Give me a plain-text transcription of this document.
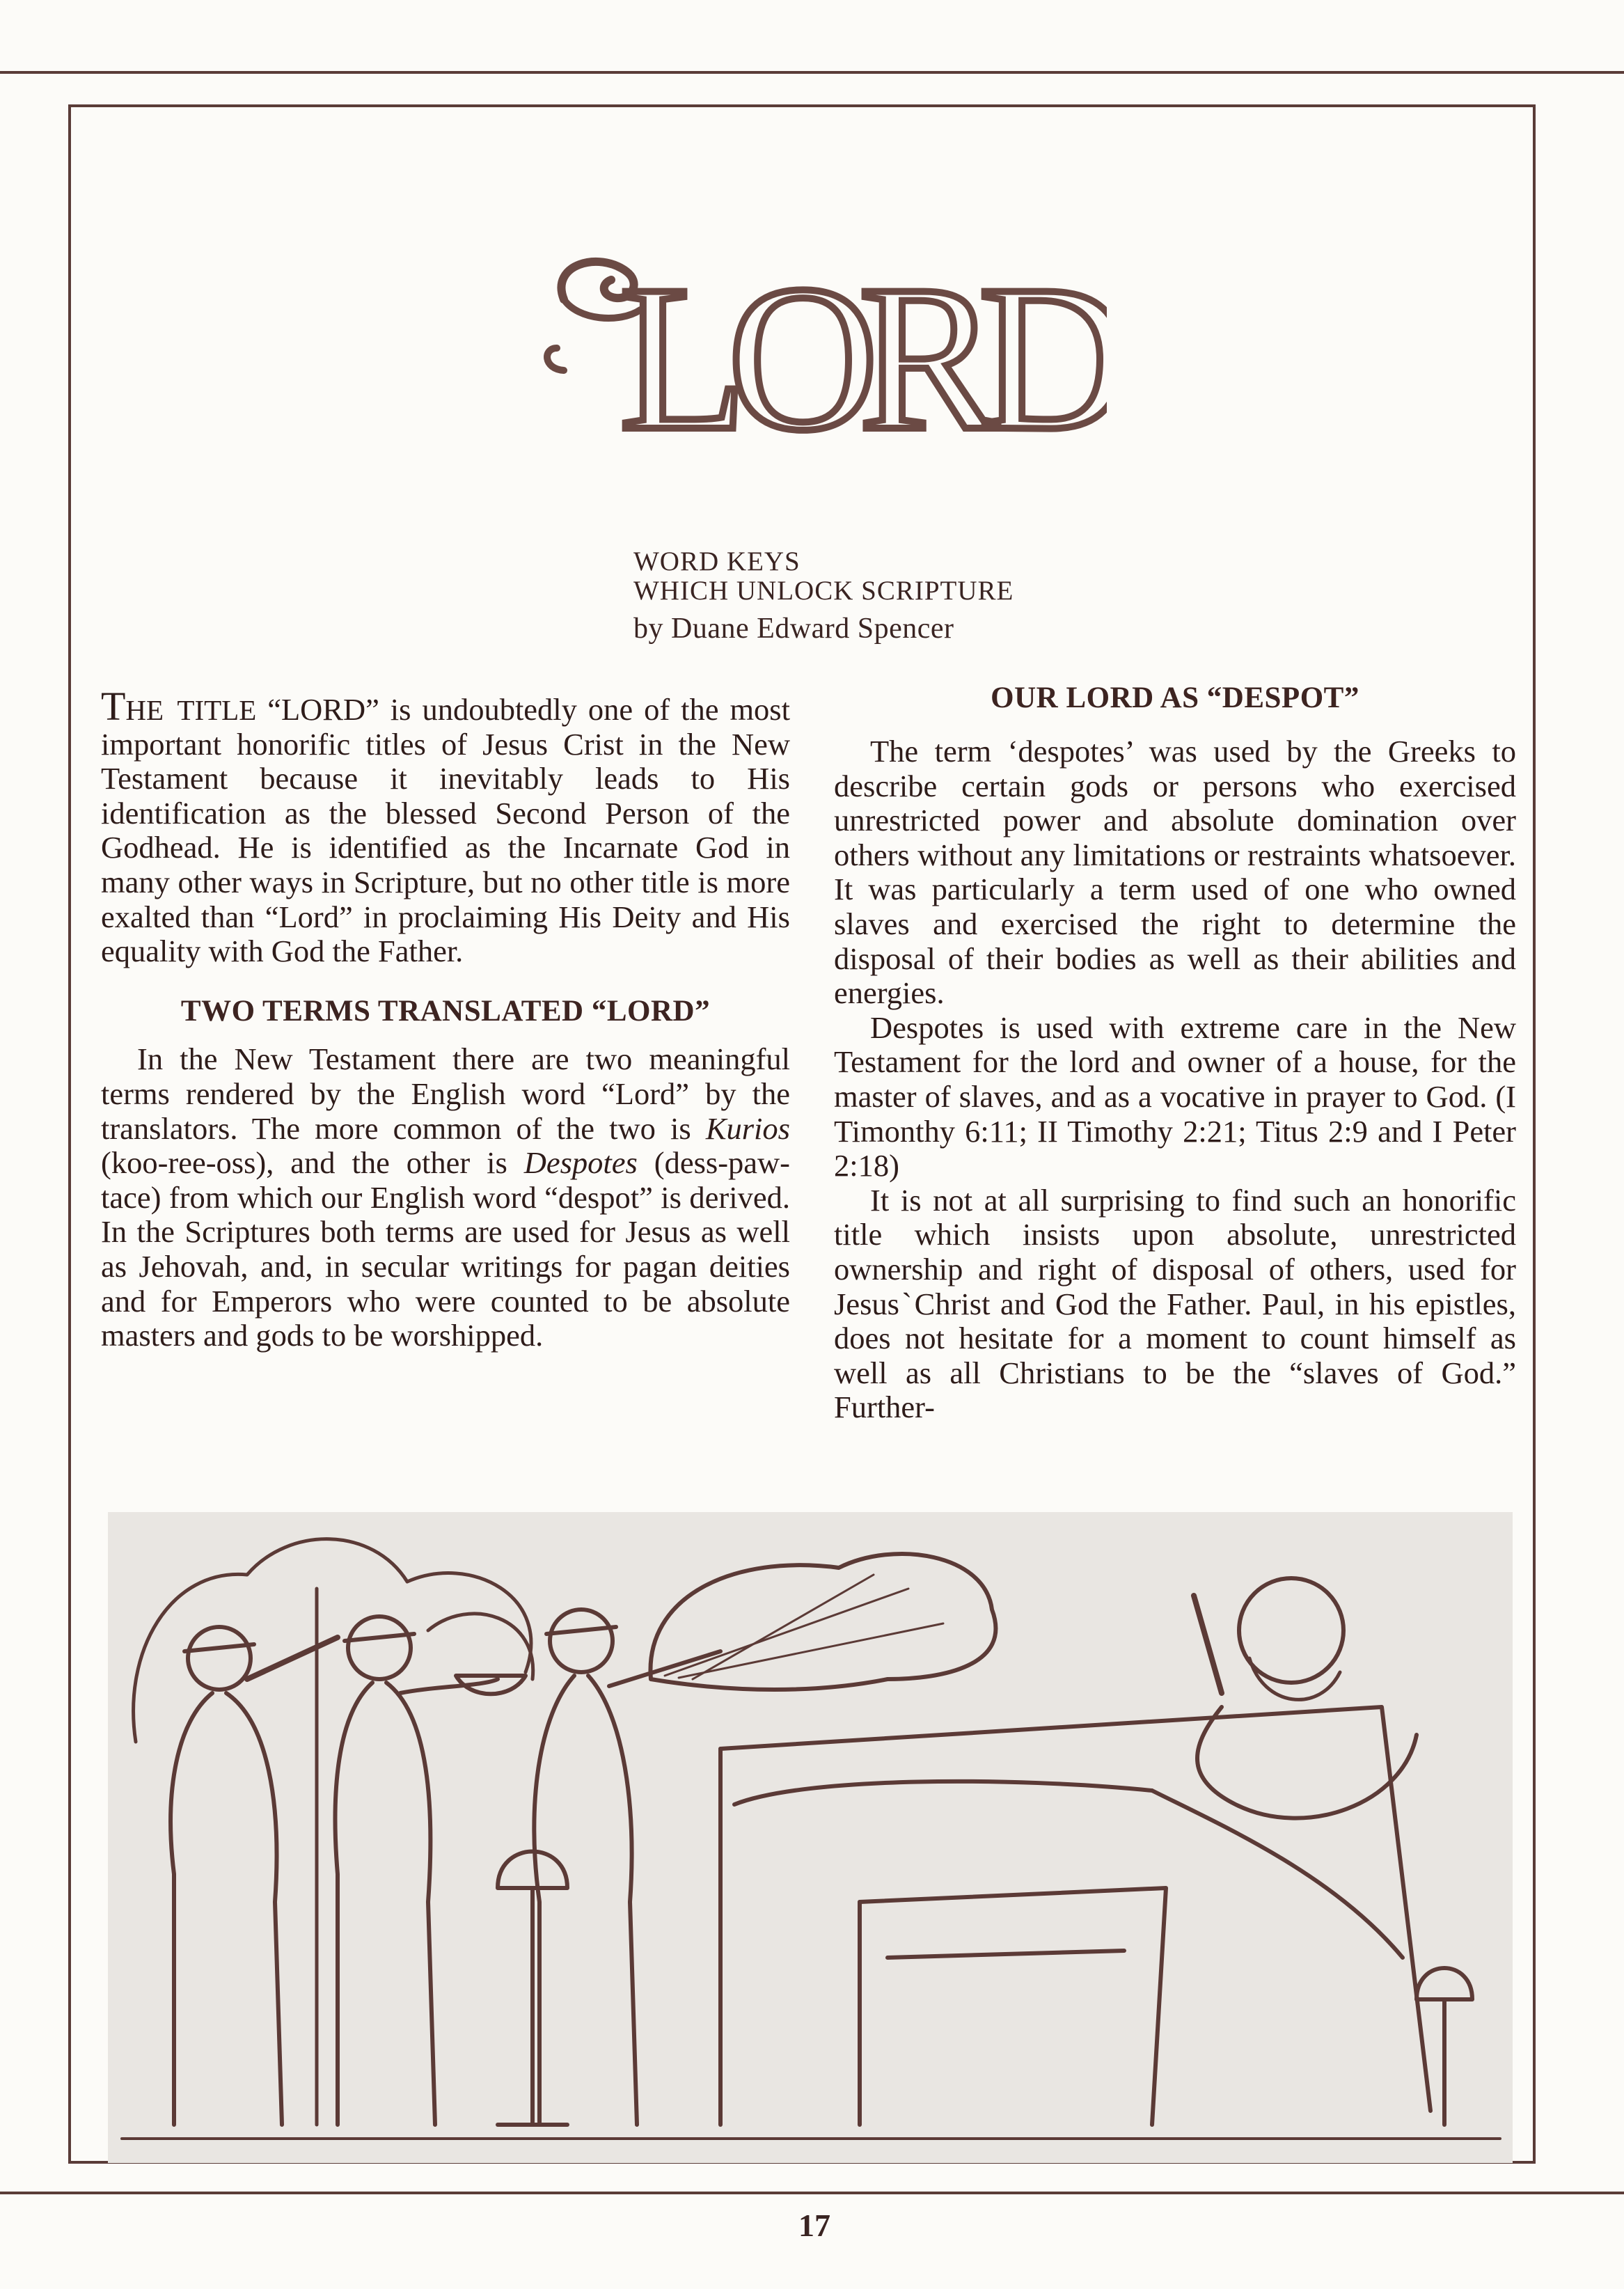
LORD
WORD KEYS
WHICH UNLOCK SCRIPTURE
by Duane Edward Spencer

The title “LORD” is undoubtedly one of the most important honorific titles of Jesus Crist in the New Testament because it inevitably leads to His identification as the blessed Second Person of the Godhead. He is identified as the Incarnate God in many other ways in Scripture, but no other title is more exalted than “Lord” in proclaiming His Deity and His equality with God the Father.

TWO TERMS TRANSLATED “LORD”

In the New Testament there are two meaningful terms rendered by the English word “Lord” by the translators. The more common of the two is Kurios (koo-ree-oss), and the other is Despotes (dess-paw-tace) from which our English word “despot” is derived. In the Scriptures both terms are used for Jesus as well as Jehovah, and, in secular writings for pagan deities and for Emperors who were counted to be absolute masters and gods to be worshipped.

OUR LORD AS “DESPOT”

The term ‘despotes’ was used by the Greeks to describe certain gods or persons who exercised unrestricted power and absolute domination over others without any limitations or restraints whatsoever. It was particularly a term used of one who owned slaves and exercised the right to determine the disposal of their bodies as well as their abilities and energies.

Despotes is used with extreme care in the New Testament for the lord and owner of a house, for the master of slaves, and as a vocative in prayer to God. (I Timonthy 6:11; II Timothy 2:21; Titus 2:9 and I Peter 2:18)

It is not at all surprising to find such an honorific title which insists upon absolute, unrestricted ownership and right of disposal of others, used for JesusˋChrist and God the Father. Paul, in his epistles, does not hesitate for a moment to count himself as well as all Christians to be the “slaves of God.” Further-

17
